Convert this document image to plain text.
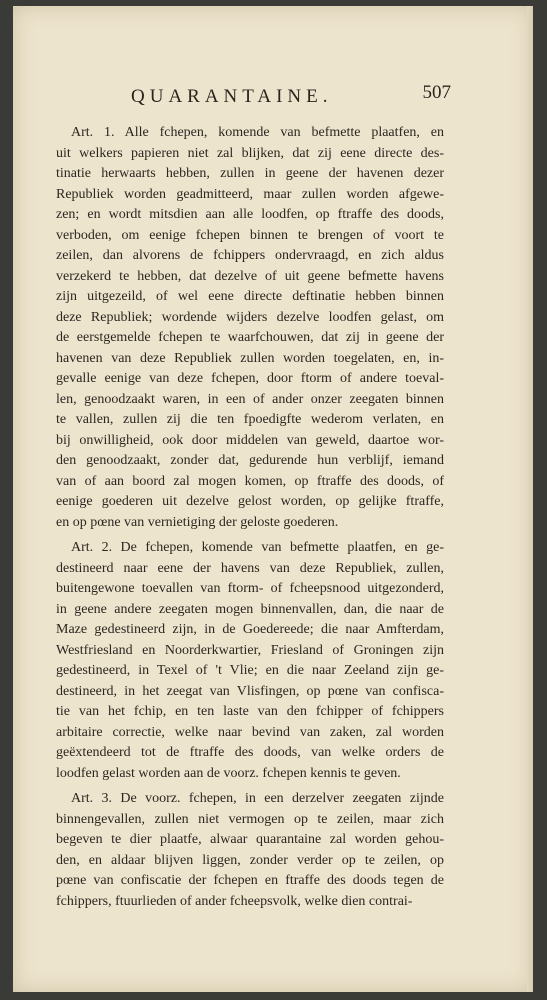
QUARANTAINE.	507
Art. 1. Alle fchepen, komende van befmette plaatfen, en
uit welkers papieren niet zal blijken, dat zij eene directe des-
tinatie herwaarts hebben, zullen in geene der havenen dezer
Republiek worden geadmitteerd, maar zullen worden afgewe-
zen; en wordt mitsdien aan alle loodfen, op ftraffe des doods,
verboden, om eenige fchepen binnen te brengen of voort te
zeilen, dan alvorens de fchippers ondervraagd, en zich aldus
verzekerd te hebben, dat dezelve of uit geene befmette havens
zijn uitgezeild, of wel eene directe deftinatie hebben binnen
deze Republiek; wordende wijders dezelve loodfen gelast, om
de eerstgemelde fchepen te waarfchouwen, dat zij in geene der
havenen van deze Republiek zullen worden toegelaten, en, in-
gevalle eenige van deze fchepen, door ftorm of andere toeval-
len, genoodzaakt waren, in een of ander onzer zeegaten binnen
te vallen, zullen zij die ten fpoedigfte wederom verlaten, en
bij onwilligheid, ook door middelen van geweld, daartoe wor-
den genoodzaakt, zonder dat, gedurende hun verblijf, iemand
van of aan boord zal mogen komen, op ftraffe des doods, of
eenige goederen uit dezelve gelost worden, op gelijke ftraffe,
en op pœne van vernietiging der geloste goederen.
Art. 2. De fchepen, komende van befmette plaatfen, en ge-
destineerd naar eene der havens van deze Republiek, zullen,
buitengewone toevallen van ftorm- of fcheepsnood uitgezonderd,
in geene andere zeegaten mogen binnenvallen, dan, die naar de
Maze gedestineerd zijn, in de Goedereede; die naar Amfterdam,
Westfriesland en Noorderkwartier, Friesland of Groningen zijn
gedestineerd, in Texel of 't Vlie; en die naar Zeeland zijn ge-
destineerd, in het zeegat van Vlisfingen, op pœne van confisca-
tie van het fchip, en ten laste van den fchipper of fchippers
arbitaire correctie, welke naar bevind van zaken, zal worden
geëxtendeerd tot de ftraffe des doods, van welke orders de
loodfen gelast worden aan de voorz. fchepen kennis te geven.
Art. 3. De voorz. fchepen, in een derzelver zeegaten zijnde
binnengevallen, zullen niet vermogen op te zeilen, maar zich
begeven te dier plaatfe, alwaar quarantaine zal worden gehou-
den, en aldaar blijven liggen, zonder verder op te zeilen, op
pœne van confiscatie der fchepen en ftraffe des doods tegen de
fchippers, ftuurlieden of ander fcheepsvolk, welke dien contrai-
